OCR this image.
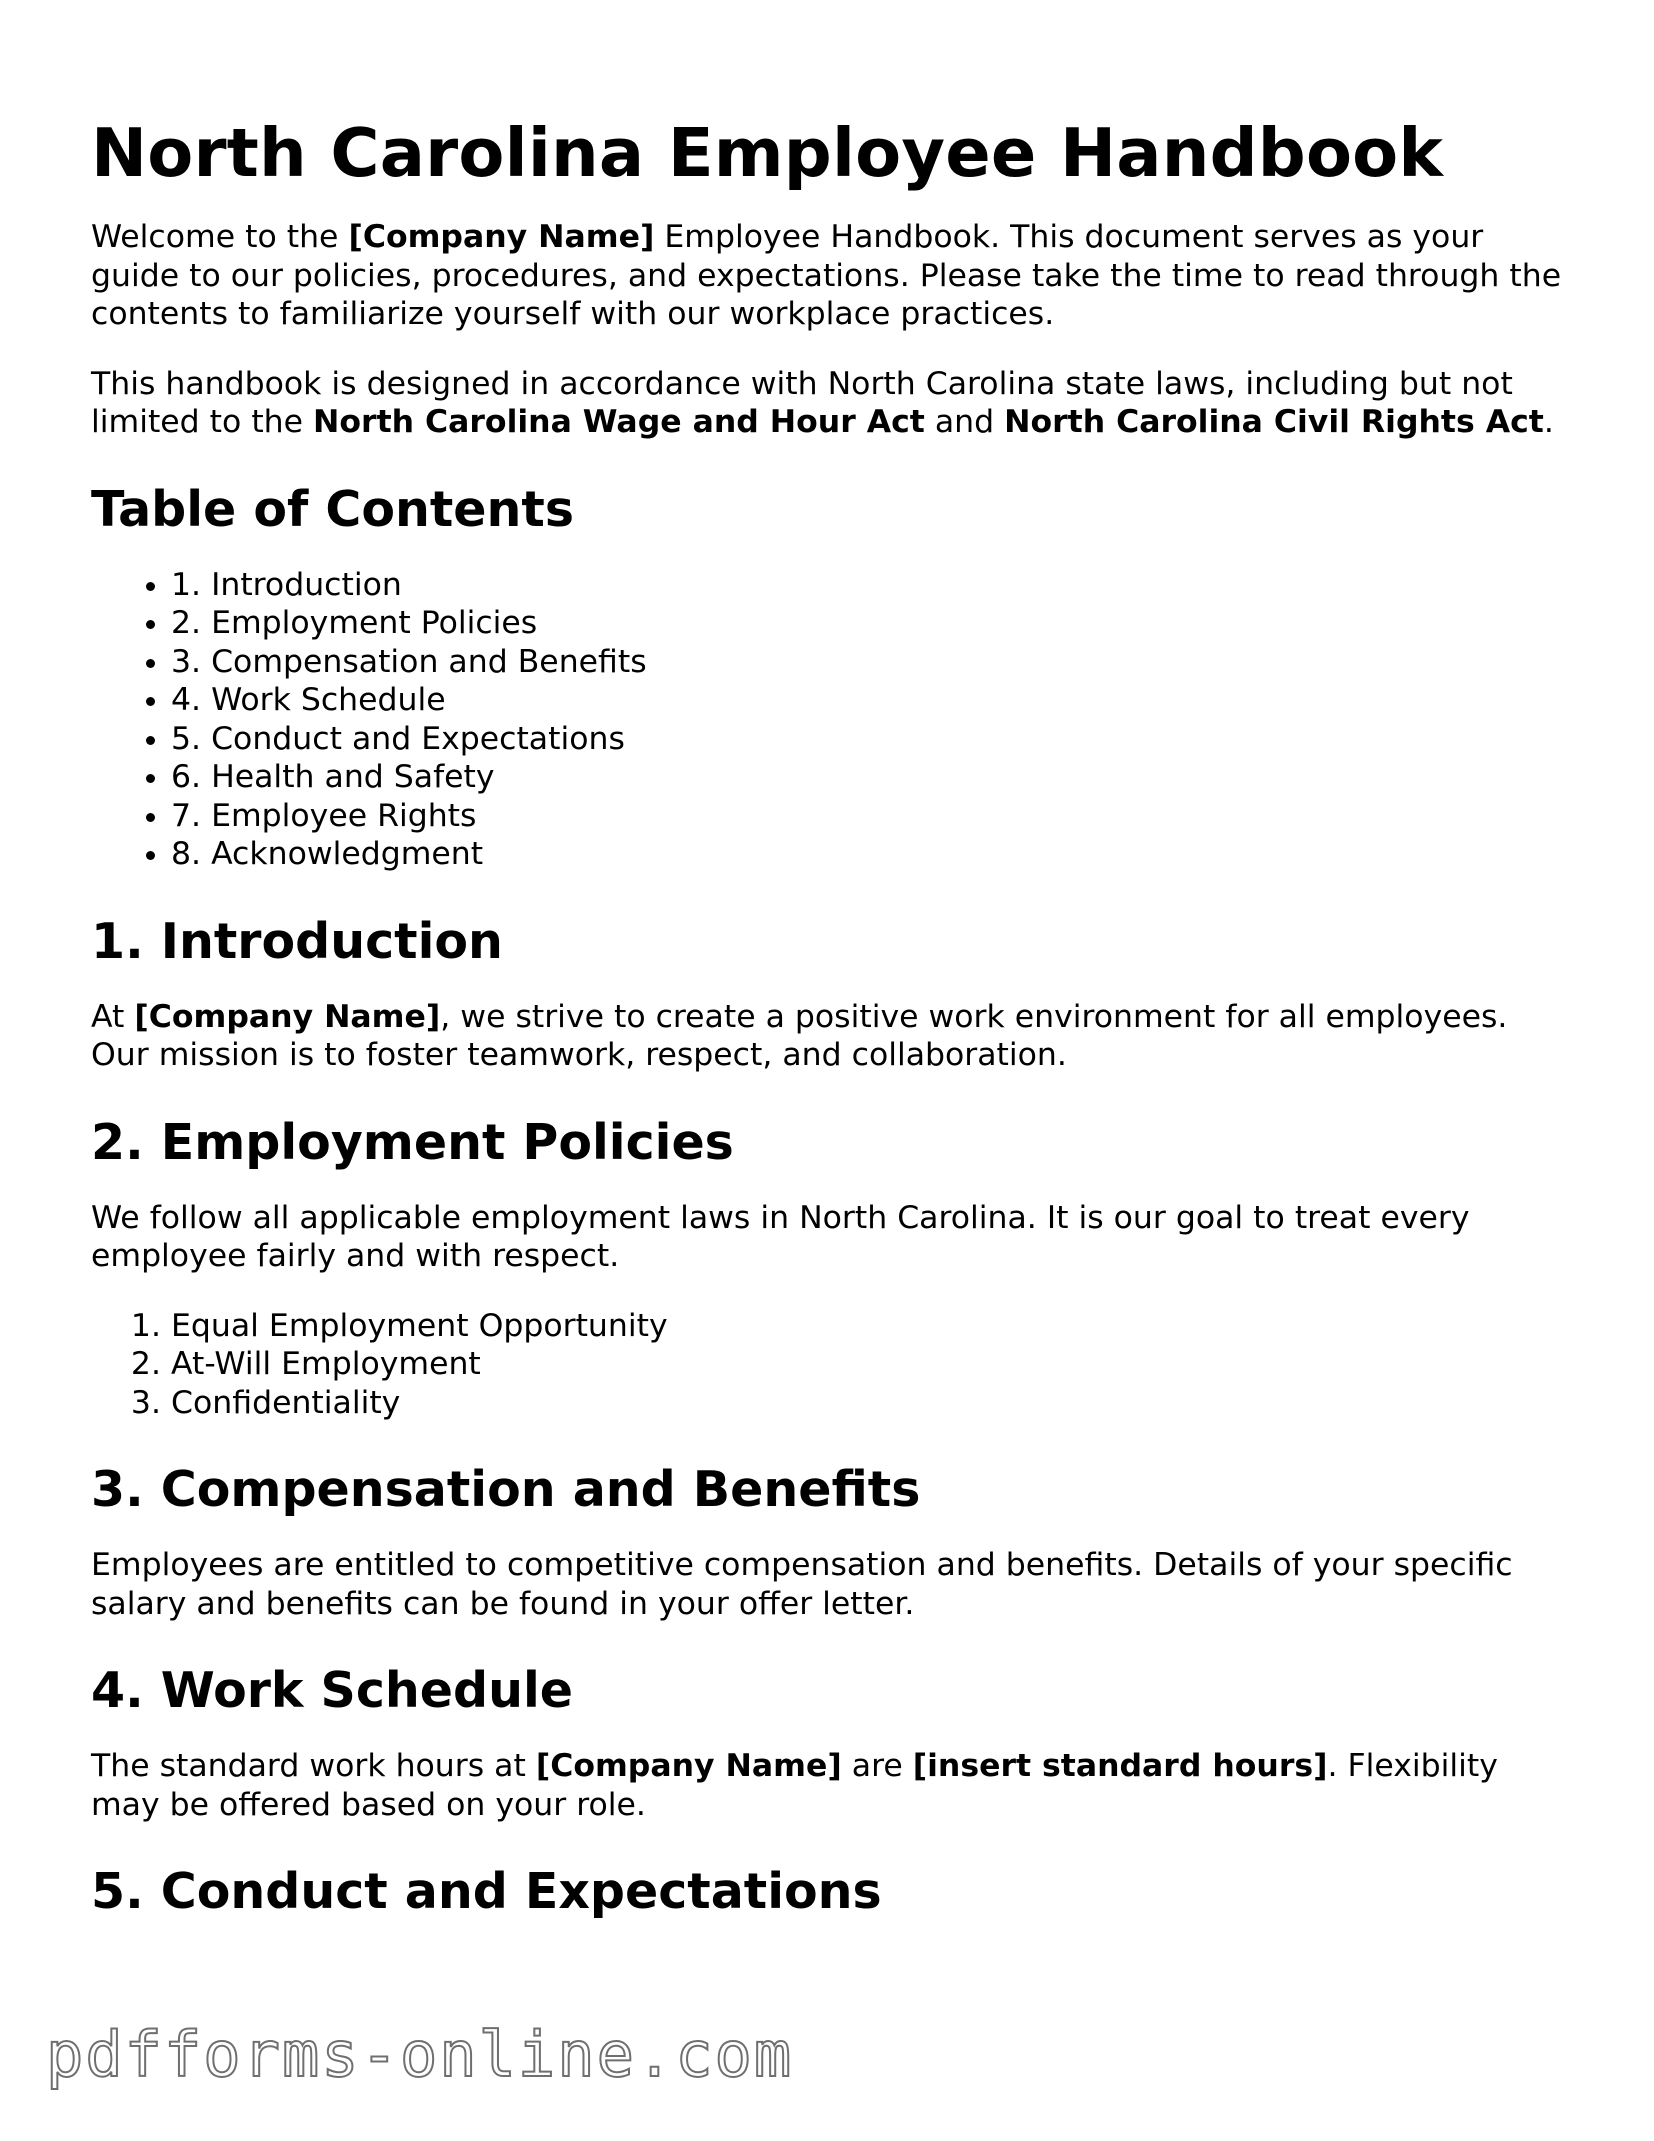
North Carolina Employee Handbook

Welcome to the [Company Name] Employee Handbook. This document serves as your guide to our policies, procedures, and expectations. Please take the time to read through the contents to familiarize yourself with our workplace practices.

This handbook is designed in accordance with North Carolina state laws, including but not limited to the North Carolina Wage and Hour Act and North Carolina Civil Rights Act.

Table of Contents
• 1. Introduction
• 2. Employment Policies
• 3. Compensation and Benefits
• 4. Work Schedule
• 5. Conduct and Expectations
• 6. Health and Safety
• 7. Employee Rights
• 8. Acknowledgment
1. Introduction

At [Company Name], we strive to create a positive work environment for all employees. Our mission is to foster teamwork, respect, and collaboration.

2. Employment Policies

We follow all applicable employment laws in North Carolina. It is our goal to treat every employee fairly and with respect.

1. Equal Employment Opportunity
2. At-Will Employment
3. Confidentiality
3. Compensation and Benefits

Employees are entitled to competitive compensation and benefits. Details of your specific salary and benefits can be found in your offer letter.

4. Work Schedule

The standard work hours at [Company Name] are [insert standard hours]. Flexibility may be offered based on your role.

5. Conduct and Expectations
pdfforms-online.com
